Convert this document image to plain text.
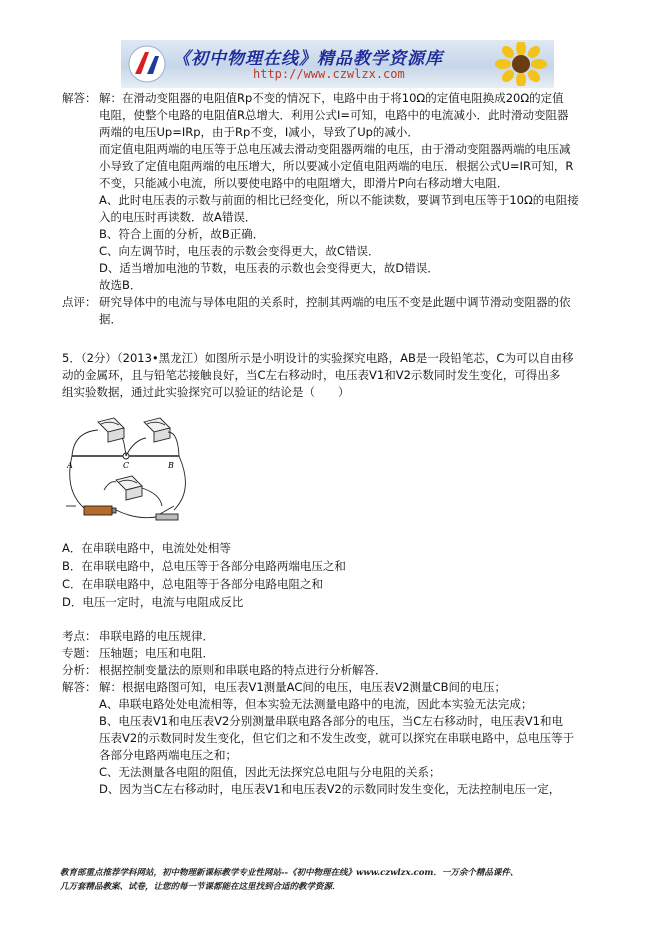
《初中物理在线》精品教学资源库
http://www.czwlzx.com
解答： 解：在滑动变阻器的电阻值Rp不变的情况下，电路中由于将10Ω的定值电阻换成20Ω的定值
电阻，使整个电路的电阻值R总增大．利用公式I=可知，电路中的电流减小．此时滑动变阻器
两端的电压Up=IRp，由于Rp不变，I减小，导致了Up的减小．
而定值电阻两端的电压等于总电压减去滑动变阻器两端的电压，由于滑动变阻器两端的电压减
小导致了定值电阻两端的电压增大，所以要减小定值电阻两端的电压．根据公式U=IR可知，R
不变，只能减小电流，所以要使电路中的电阻增大，即滑片P向右移动增大电阻．
A、此时电压表的示数与前面的相比已经变化，所以不能读数，要调节到电压等于10Ω的电阻接
入的电压时再读数．故A错误．
B、符合上面的分析，故B正确．
C、向左调节时，电压表的示数会变得更大，故C错误．
D、适当增加电池的节数，电压表的示数也会变得更大，故D错误．
故选B．
点评： 研究导体中的电流与导体电阻的关系时，控制其两端的电压不变是此题中调节滑动变阻器的依
据．
5．（2分）（2013•黑龙江）如图所示是小明设计的实验探究电路，AB是一段铅笔芯，C为可以自由移
动的金属环，且与铅笔芯接触良好，当C左右移动时，电压表V1和V2示数同时发生变化，可得出多
组实验数据，通过此实验探究可以验证的结论是（　　）
A	C	B
A．在串联电路中，电流处处相等
B．在串联电路中，总电压等于各部分电路两端电压之和
C．在串联电路中，总电阻等于各部分电路电阻之和
D．电压一定时，电流与电阻成反比
考点： 串联电路的电压规律．
专题： 压轴题；电压和电阻．
分析： 根据控制变量法的原则和串联电路的特点进行分析解答．
解答： 解：根据电路图可知，电压表V1测量AC间的电压，电压表V2测量CB间的电压；
A、串联电路处处电流相等，但本实验无法测量电路中的电流，因此本实验无法完成；
B、电压表V1和电压表V2分别测量串联电路各部分的电压，当C左右移动时，电压表V1和电
压表V2的示数同时发生变化，但它们之和不发生改变，就可以探究在串联电路中，总电压等于
各部分电路两端电压之和；
C、无法测量各电阻的阻值，因此无法探究总电阻与分电阻的关系；
D、因为当C左右移动时，电压表V1和电压表V2的示数同时发生变化，无法控制电压一定，
教育部重点推荐学科网站，初中物理新课标教学专业性网站--《初中物理在线》www.czwlzx.com．一万余个精品课件、
几万套精品教案、试卷，让您的每一节课都能在这里找到合适的教学资源．
